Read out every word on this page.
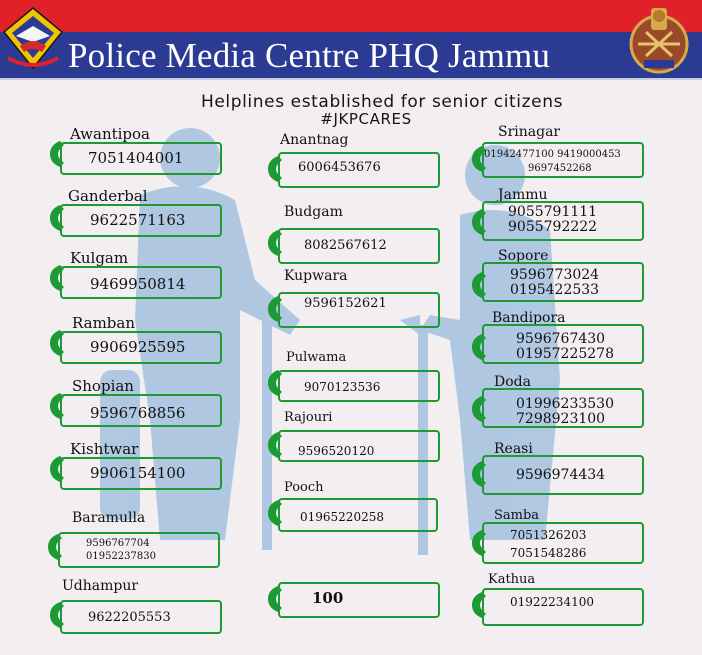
Police Media Centre PHQ Jammu
Helplines established for senior citizens
#JKPCARES
Awantipoa
7051404001
Ganderbal
9622571163
Kulgam
9469950814
Ramban
9906925595
Shopian
9596768856
Kishtwar
9906154100
Baramulla
9596767704
01952237830
Udhampur
9622205553
Anantnag
6006453676
Budgam
8082567612
Kupwara
9596152621
Pulwama
9070123536
Rajouri
9596520120
Pooch
01965220258
100
Srinagar
01942477100 9419000453
9697452268
Jammu
9055791111
9055792222
Sopore
9596773024
0195422533
Bandipora
9596767430
01957225278
Doda
01996233530
7298923100
Reasi
9596974434
Samba
7051326203
7051548286
Kathua
01922234100
